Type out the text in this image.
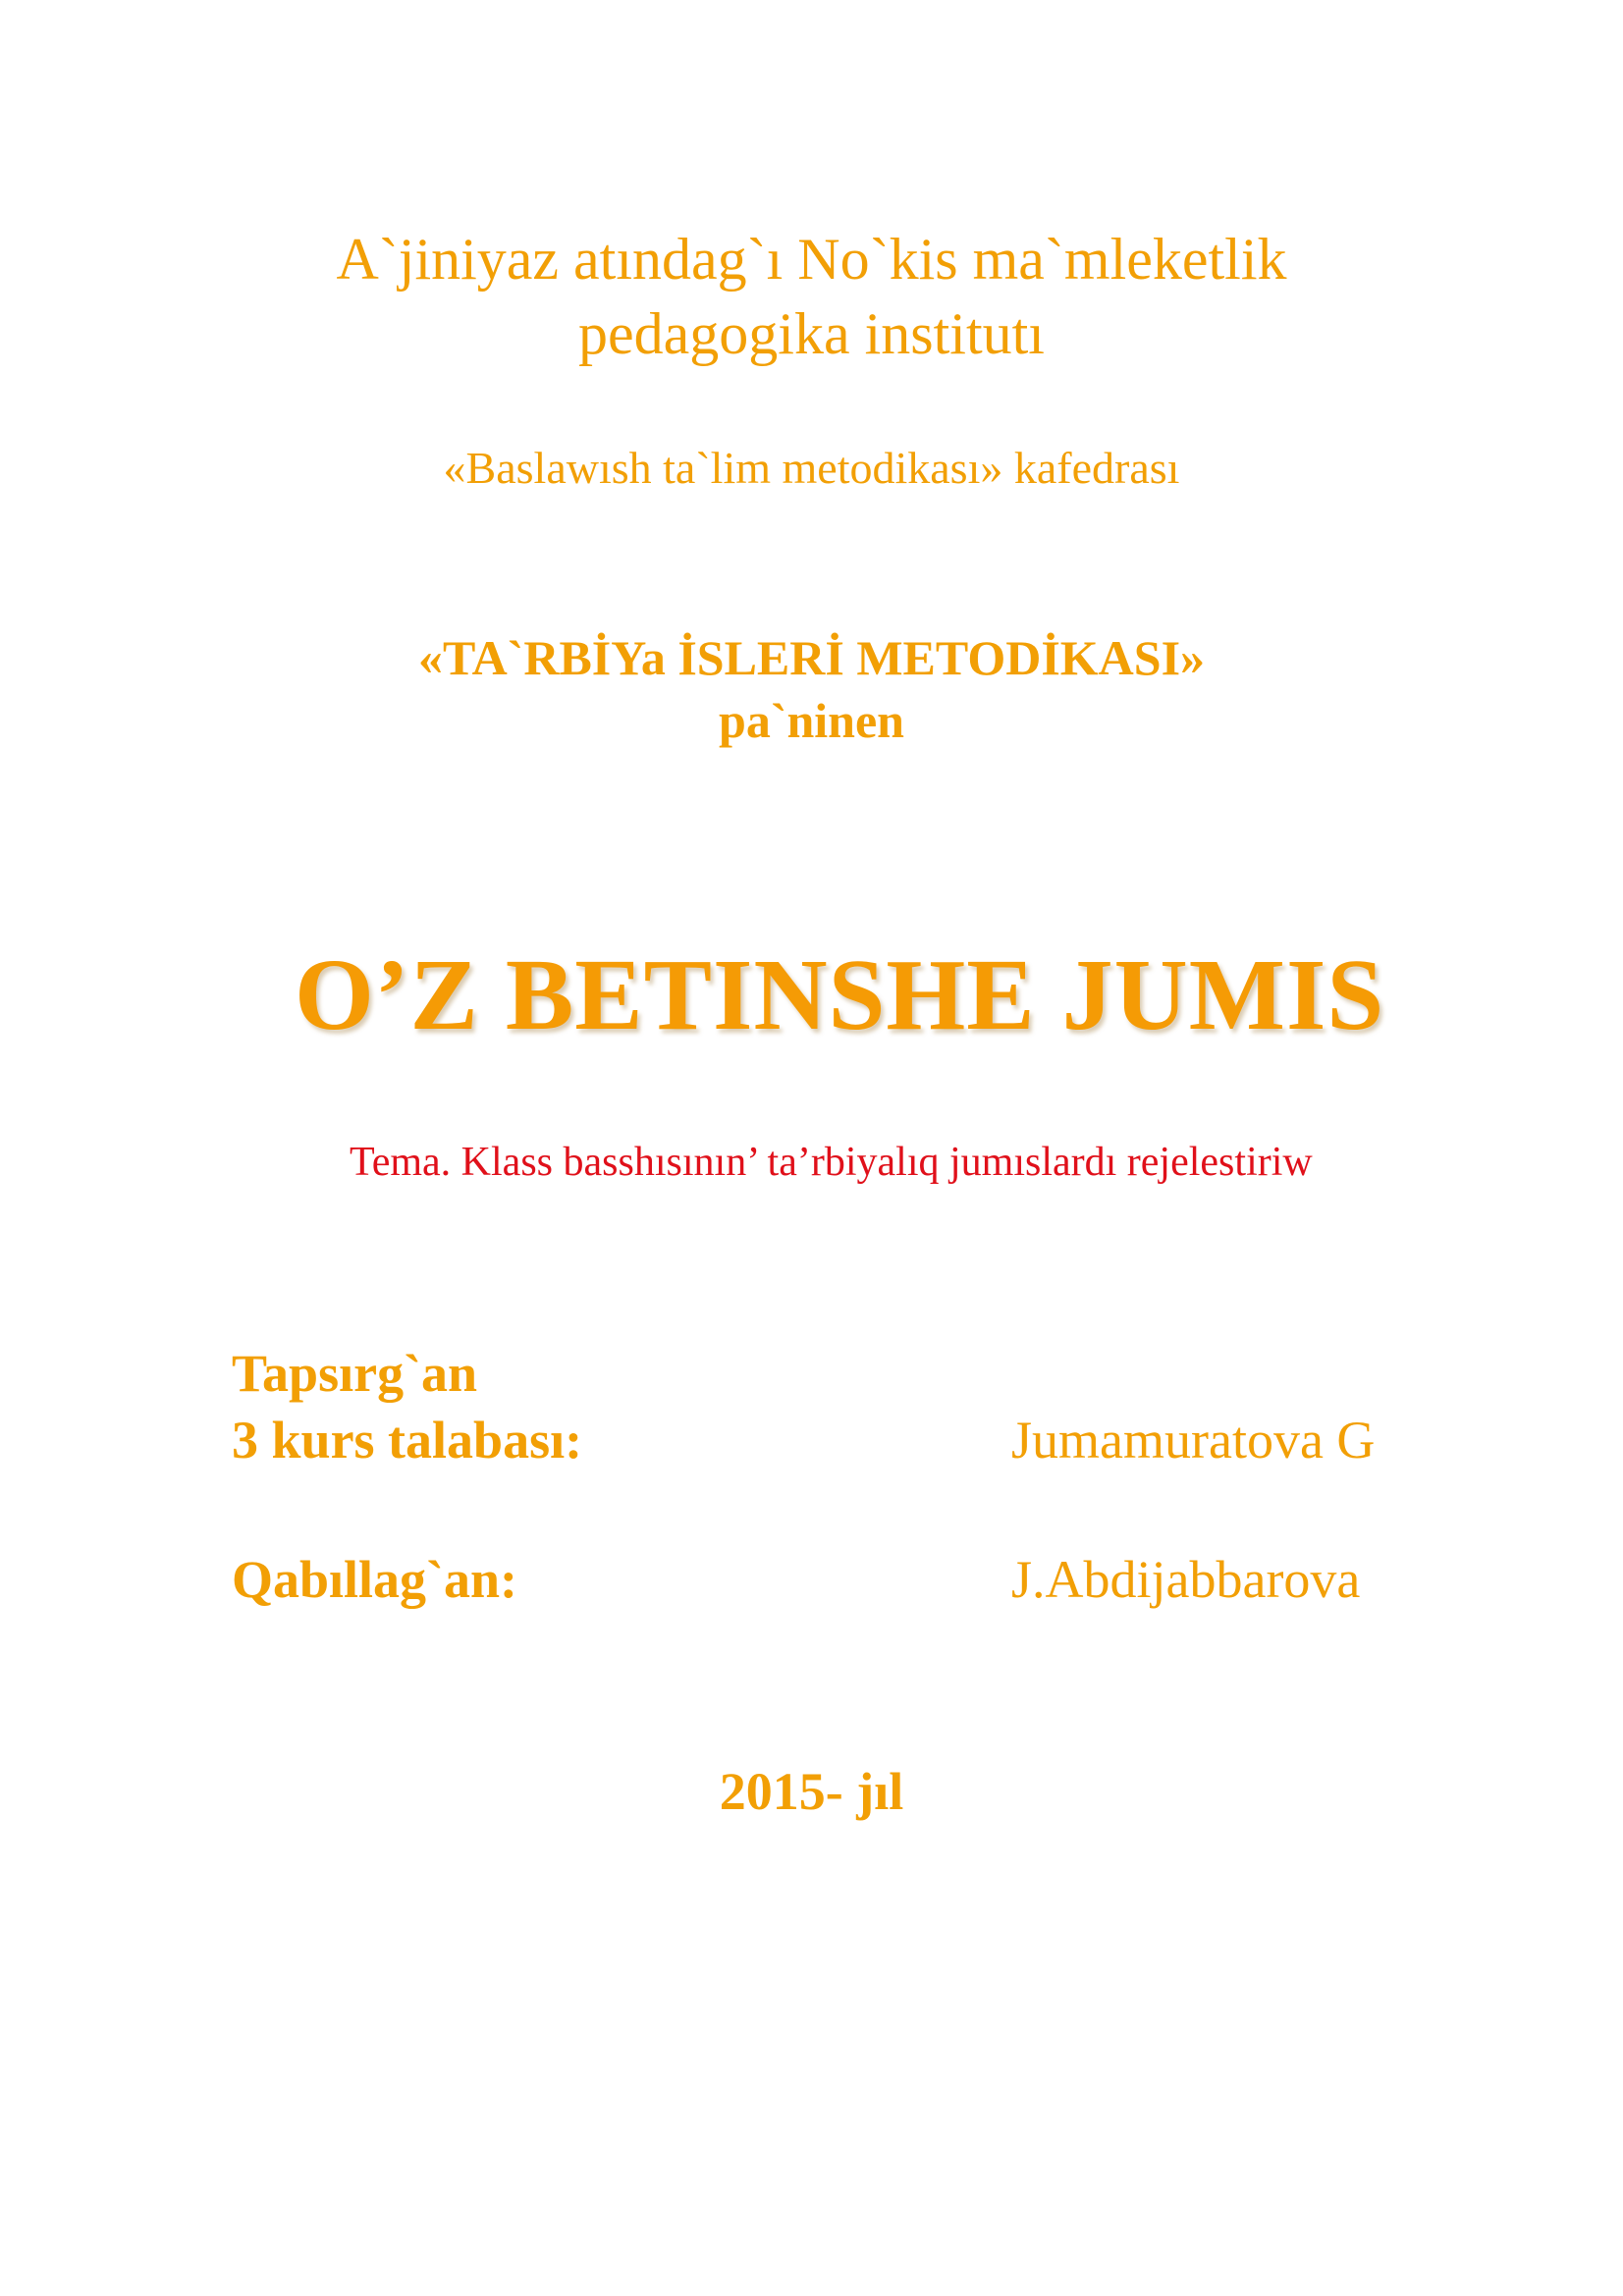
A`jiniyaz atındag`ı No`kis ma`mleketlik
pedagogika institutı
«Baslawısh ta`lim metodikası» kafedrası
«TA`RBİYa İSLERİ METODİKASI»
pa`ninen
O’Z BETINSHE JUMIS
Tema. Klass basshısının’ ta’rbiyalıq jumıslardı rejelestiriw
Tapsırg`an
3 kurs talabası:	Jumamuratova G
Qabıllag`an:	J.Abdijabbarova
2015- jıl
